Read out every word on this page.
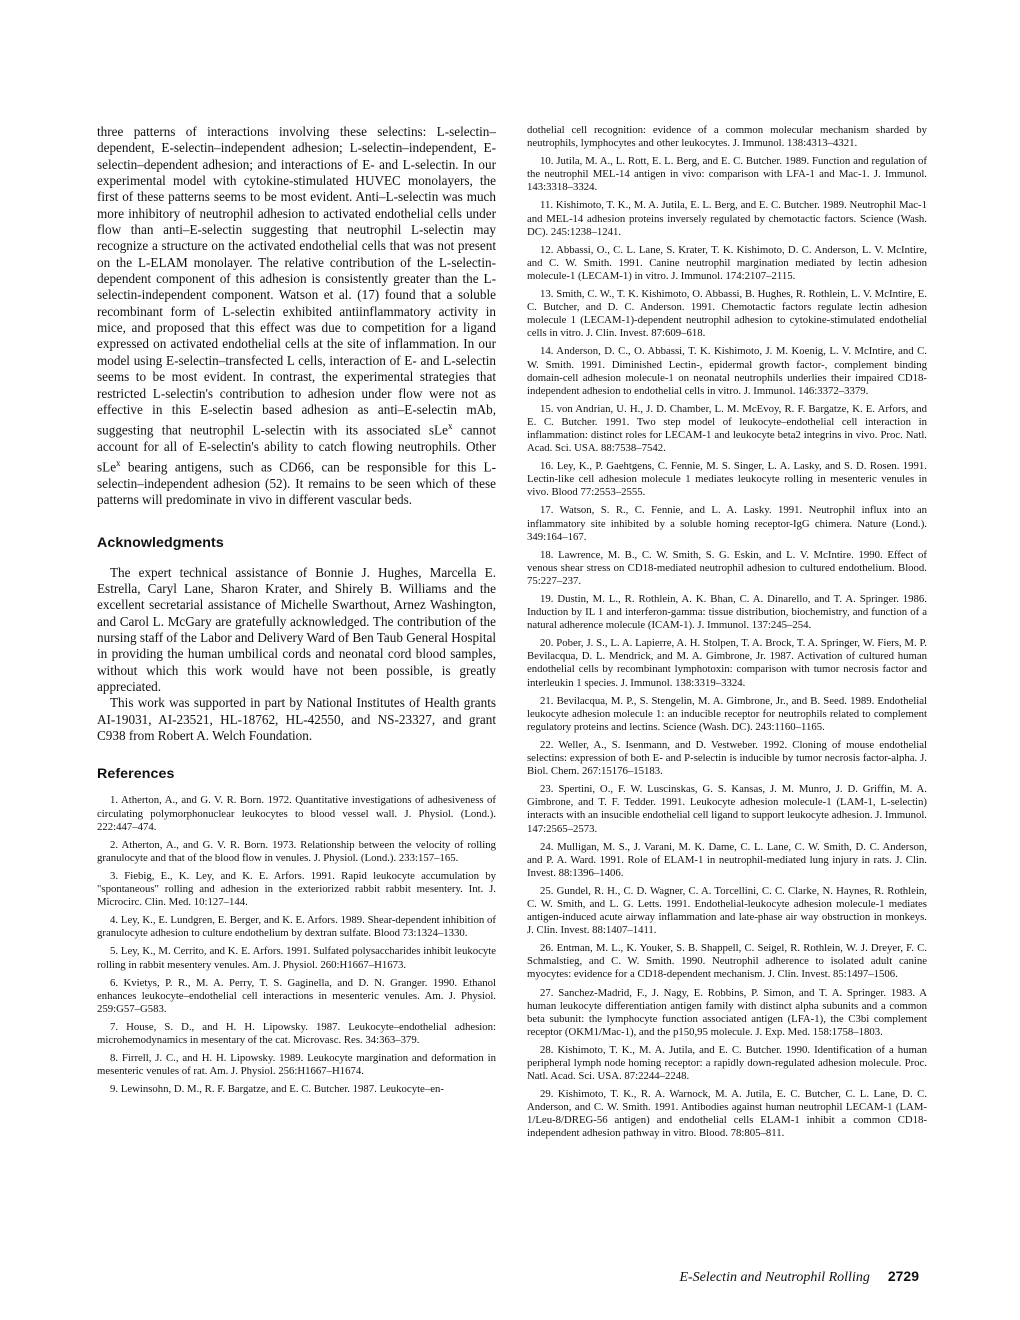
three patterns of interactions involving these selectins: L-selectin–dependent, E-selectin–independent adhesion; L-selectin–independent, E-selectin–dependent adhesion; and interactions of E- and L-selectin. In our experimental model with cytokine-stimulated HUVEC monolayers, the first of these patterns seems to be most evident. Anti–L-selectin was much more inhibitory of neutrophil adhesion to activated endothelial cells under flow than anti–E-selectin suggesting that neutrophil L-selectin may recognize a structure on the activated endothelial cells that was not present on the L-ELAM monolayer. The relative contribution of the L-selectin-dependent component of this adhesion is consistently greater than the L-selectin-independent component. Watson et al. (17) found that a soluble recombinant form of L-selectin exhibited antiinflammatory activity in mice, and proposed that this effect was due to competition for a ligand expressed on activated endothelial cells at the site of inflammation. In our model using E-selectin–transfected L cells, interaction of E- and L-selectin seems to be most evident. In contrast, the experimental strategies that restricted L-selectin's contribution to adhesion under flow were not as effective in this E-selectin based adhesion as anti–E-selectin mAb, suggesting that neutrophil L-selectin with its associated sLe$^x$ cannot account for all of E-selectin's ability to catch flowing neutrophils. Other sLe$^x$ bearing antigens, such as CD66, can be responsible for this L-selectin–independent adhesion (52). It remains to be seen which of these patterns will predominate in vivo in different vascular beds.

Acknowledgments

The expert technical assistance of Bonnie J. Hughes, Marcella E. Estrella, Caryl Lane, Sharon Krater, and Shirely B. Williams and the excellent secretarial assistance of Michelle Swarthout, Arnez Washington, and Carol L. McGary are gratefully acknowledged. The contribution of the nursing staff of the Labor and Delivery Ward of Ben Taub General Hospital in providing the human umbilical cords and neonatal cord blood samples, without which this work would have not been possible, is greatly appreciated.

This work was supported in part by National Institutes of Health grants AI-19031, AI-23521, HL-18762, HL-42550, and NS-23327, and grant C938 from Robert A. Welch Foundation.

References

1. Atherton, A., and G. V. R. Born. 1972. Quantitative investigations of adhesiveness of circulating polymorphonuclear leukocytes to blood vessel wall. J. Physiol. (Lond.). 222:447–474.

2. Atherton, A., and G. V. R. Born. 1973. Relationship between the velocity of rolling granulocyte and that of the blood flow in venules. J. Physiol. (Lond.). 233:157–165.

3. Fiebig, E., K. Ley, and K. E. Arfors. 1991. Rapid leukocyte accumulation by "spontaneous" rolling and adhesion in the exteriorized rabbit rabbit mesentery. Int. J. Microcirc. Clin. Med. 10:127–144.

4. Ley, K., E. Lundgren, E. Berger, and K. E. Arfors. 1989. Shear-dependent inhibition of granulocyte adhesion to culture endothelium by dextran sulfate. Blood 73:1324–1330.

5. Ley, K., M. Cerrito, and K. E. Arfors. 1991. Sulfated polysaccharides inhibit leukocyte rolling in rabbit mesentery venules. Am. J. Physiol. 260:H1667–H1673.

6. Kvietys, P. R., M. A. Perry, T. S. Gaginella, and D. N. Granger. 1990. Ethanol enhances leukocyte–endothelial cell interactions in mesenteric venules. Am. J. Physiol. 259:G57–G583.

7. House, S. D., and H. H. Lipowsky. 1987. Leukocyte–endothelial adhesion: microhemodynamics in mesentary of the cat. Microvasc. Res. 34:363–379.

8. Firrell, J. C., and H. H. Lipowsky. 1989. Leukocyte margination and deformation in mesenteric venules of rat. Am. J. Physiol. 256:H1667–H1674.

9. Lewinsohn, D. M., R. F. Bargatze, and E. C. Butcher. 1987. Leukocyte–en-

dothelial cell recognition: evidence of a common molecular mechanism sharded by neutrophils, lymphocytes and other leukocytes. J. Immunol. 138:4313–4321.

10. Jutila, M. A., L. Rott, E. L. Berg, and E. C. Butcher. 1989. Function and regulation of the neutrophil MEL-14 antigen in vivo: comparison with LFA-1 and Mac-1. J. Immunol. 143:3318–3324.

11. Kishimoto, T. K., M. A. Jutila, E. L. Berg, and E. C. Butcher. 1989. Neutrophil Mac-1 and MEL-14 adhesion proteins inversely regulated by chemotactic factors. Science (Wash. DC). 245:1238–1241.

12. Abbassi, O., C. L. Lane, S. Krater, T. K. Kishimoto, D. C. Anderson, L. V. McIntire, and C. W. Smith. 1991. Canine neutrophil margination mediated by lectin adhesion molecule-1 (LECAM-1) in vitro. J. Immunol. 174:2107–2115.

13. Smith, C. W., T. K. Kishimoto, O. Abbassi, B. Hughes, R. Rothlein, L. V. McIntire, E. C. Butcher, and D. C. Anderson. 1991. Chemotactic factors regulate lectin adhesion molecule 1 (LECAM-1)-dependent neutrophil adhesion to cytokine-stimulated endothelial cells in vitro. J. Clin. Invest. 87:609–618.

14. Anderson, D. C., O. Abbassi, T. K. Kishimoto, J. M. Koenig, L. V. McIntire, and C. W. Smith. 1991. Diminished Lectin-, epidermal growth factor-, complement binding domain-cell adhesion molecule-1 on neonatal neutrophils underlies their impaired CD18-independent adhesion to endothelial cells in vitro. J. Immunol. 146:3372–3379.

15. von Andrian, U. H., J. D. Chamber, L. M. McEvoy, R. F. Bargatze, K. E. Arfors, and E. C. Butcher. 1991. Two step model of leukocyte–endothelial cell interaction in inflammation: distinct roles for LECAM-1 and leukocyte beta2 integrins in vivo. Proc. Natl. Acad. Sci. USA. 88:7538–7542.

16. Ley, K., P. Gaehtgens, C. Fennie, M. S. Singer, L. A. Lasky, and S. D. Rosen. 1991. Lectin-like cell adhesion molecule 1 mediates leukocyte rolling in mesenteric venules in vivo. Blood 77:2553–2555.

17. Watson, S. R., C. Fennie, and L. A. Lasky. 1991. Neutrophil influx into an inflammatory site inhibited by a soluble homing receptor-IgG chimera. Nature (Lond.). 349:164–167.

18. Lawrence, M. B., C. W. Smith, S. G. Eskin, and L. V. McIntire. 1990. Effect of venous shear stress on CD18-mediated neutrophil adhesion to cultured endothelium. Blood. 75:227–237.

19. Dustin, M. L., R. Rothlein, A. K. Bhan, C. A. Dinarello, and T. A. Springer. 1986. Induction by IL 1 and interferon-gamma: tissue distribution, biochemistry, and function of a natural adherence molecule (ICAM-1). J. Immunol. 137:245–254.

20. Pober, J. S., L. A. Lapierre, A. H. Stolpen, T. A. Brock, T. A. Springer, W. Fiers, M. P. Bevilacqua, D. L. Mendrick, and M. A. Gimbrone, Jr. 1987. Activation of cultured human endothelial cells by recombinant lymphotoxin: comparison with tumor necrosis factor and interleukin 1 species. J. Immunol. 138:3319–3324.

21. Bevilacqua, M. P., S. Stengelin, M. A. Gimbrone, Jr., and B. Seed. 1989. Endothelial leukocyte adhesion molecule 1: an inducible receptor for neutrophils related to complement regulatory proteins and lectins. Science (Wash. DC). 243:1160–1165.

22. Weller, A., S. Isenmann, and D. Vestweber. 1992. Cloning of mouse endothelial selectins: expression of both E- and P-selectin is inducible by tumor necrosis factor-alpha. J. Biol. Chem. 267:15176–15183.

23. Spertini, O., F. W. Luscinskas, G. S. Kansas, J. M. Munro, J. D. Griffin, M. A. Gimbrone, and T. F. Tedder. 1991. Leukocyte adhesion molecule-1 (LAM-1, L-selectin) interacts with an insucible endothelial cell ligand to support leukocyte adhesion. J. Immunol. 147:2565–2573.

24. Mulligan, M. S., J. Varani, M. K. Dame, C. L. Lane, C. W. Smith, D. C. Anderson, and P. A. Ward. 1991. Role of ELAM-1 in neutrophil-mediated lung injury in rats. J. Clin. Invest. 88:1396–1406.

25. Gundel, R. H., C. D. Wagner, C. A. Torcellini, C. C. Clarke, N. Haynes, R. Rothlein, C. W. Smith, and L. G. Letts. 1991. Endothelial-leukocyte adhesion molecule-1 mediates antigen-induced acute airway inflammation and late-phase air way obstruction in monkeys. J. Clin. Invest. 88:1407–1411.

26. Entman, M. L., K. Youker, S. B. Shappell, C. Seigel, R. Rothlein, W. J. Dreyer, F. C. Schmalstieg, and C. W. Smith. 1990. Neutrophil adherence to isolated adult canine myocytes: evidence for a CD18-dependent mechanism. J. Clin. Invest. 85:1497–1506.

27. Sanchez-Madrid, F., J. Nagy, E. Robbins, P. Simon, and T. A. Springer. 1983. A human leukocyte differentiation antigen family with distinct alpha subunits and a common beta subunit: the lymphocyte function associated antigen (LFA-1), the C3bi complement receptor (OKM1/Mac-1), and the p150,95 molecule. J. Exp. Med. 158:1758–1803.

28. Kishimoto, T. K., M. A. Jutila, and E. C. Butcher. 1990. Identification of a human peripheral lymph node homing receptor: a rapidly down-regulated adhesion molecule. Proc. Natl. Acad. Sci. USA. 87:2244–2248.

29. Kishimoto, T. K., R. A. Warnock, M. A. Jutila, E. C. Butcher, C. L. Lane, D. C. Anderson, and C. W. Smith. 1991. Antibodies against human neutrophil LECAM-1 (LAM-1/Leu-8/DREG-56 antigen) and endothelial cells ELAM-1 inhibit a common CD18-independent adhesion pathway in vitro. Blood. 78:805–811.

E-Selectin and Neutrophil Rolling 2729
